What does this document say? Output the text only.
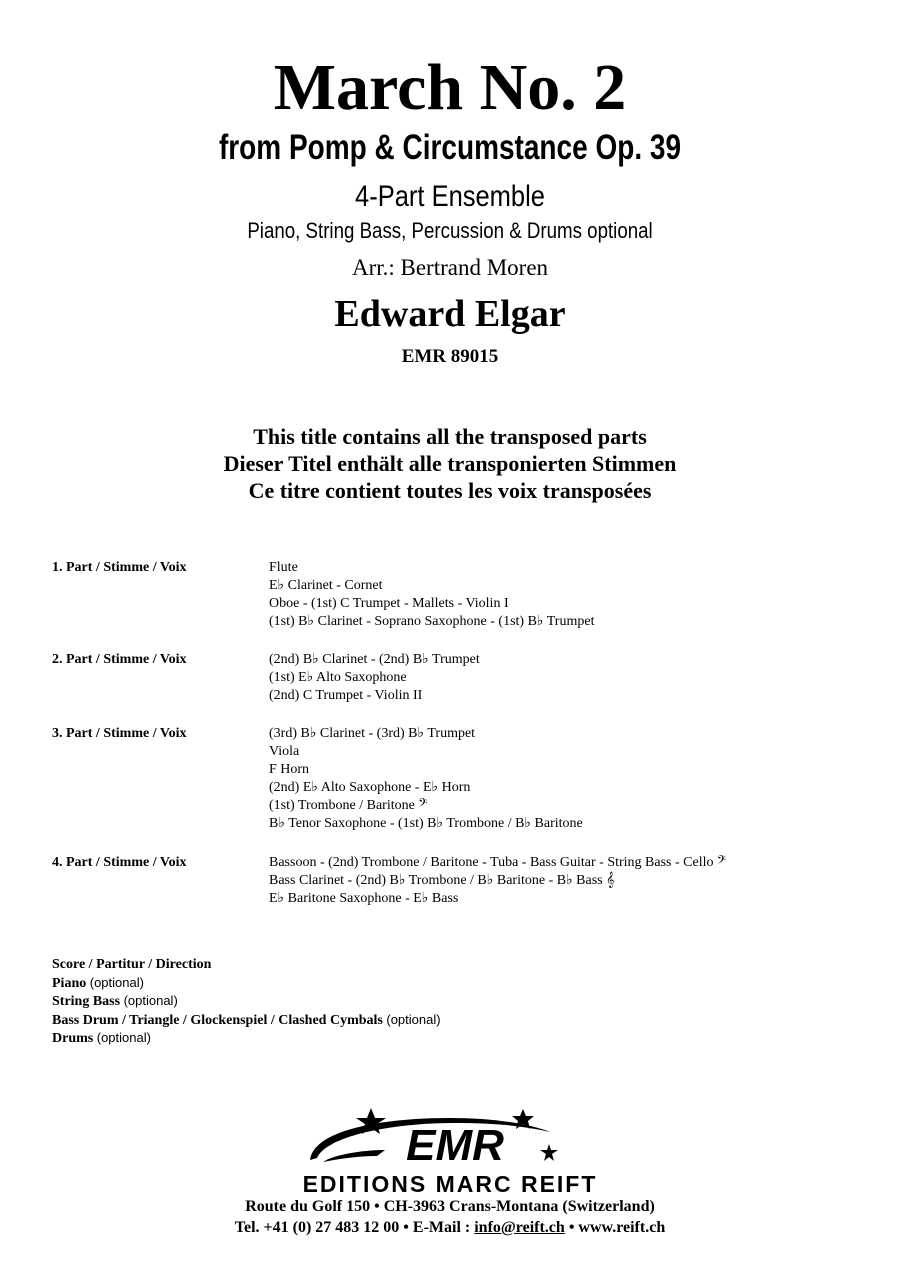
March No. 2
from Pomp & Circumstance Op. 39
4-Part Ensemble
Piano, String Bass, Percussion & Drums optional
Arr.: Bertrand Moren
Edward Elgar
EMR 89015
This title contains all the transposed parts
Dieser Titel enthält alle transponierten Stimmen
Ce titre contient toutes les voix transposées
1. Part / Stimme / Voix	Flute
E♭ Clarinet - Cornet
Oboe - (1st) C Trumpet - Mallets - Violin I
(1st) B♭ Clarinet - Soprano Saxophone - (1st) B♭ Trumpet
2. Part / Stimme / Voix	(2nd) B♭ Clarinet - (2nd) B♭ Trumpet
(1st) E♭ Alto Saxophone
(2nd) C Trumpet - Violin II
3. Part / Stimme / Voix	(3rd) B♭ Clarinet - (3rd) B♭ Trumpet
Viola
F Horn
(2nd) E♭ Alto Saxophone - E♭ Horn
(1st) Trombone / Baritone 𝄢
B♭ Tenor Saxophone - (1st) B♭ Trombone / B♭ Baritone
4. Part / Stimme / Voix	Bassoon - (2nd) Trombone / Baritone - Tuba - Bass Guitar - String Bass - Cello 𝄢
Bass Clarinet - (2nd) B♭ Trombone / B♭ Baritone - B♭ Bass 𝄞
E♭ Baritone Saxophone - E♭ Bass
Score / Partitur / Direction
Piano (optional)
String Bass (optional)
Bass Drum / Triangle / Glockenspiel / Clashed Cymbals (optional)
Drums (optional)
EMR
EDITIONS MARC REIFT
Route du Golf 150 • CH-3963 Crans-Montana (Switzerland)
Tel. +41 (0) 27 483 12 00 • E-Mail : info@reift.ch • www.reift.ch
